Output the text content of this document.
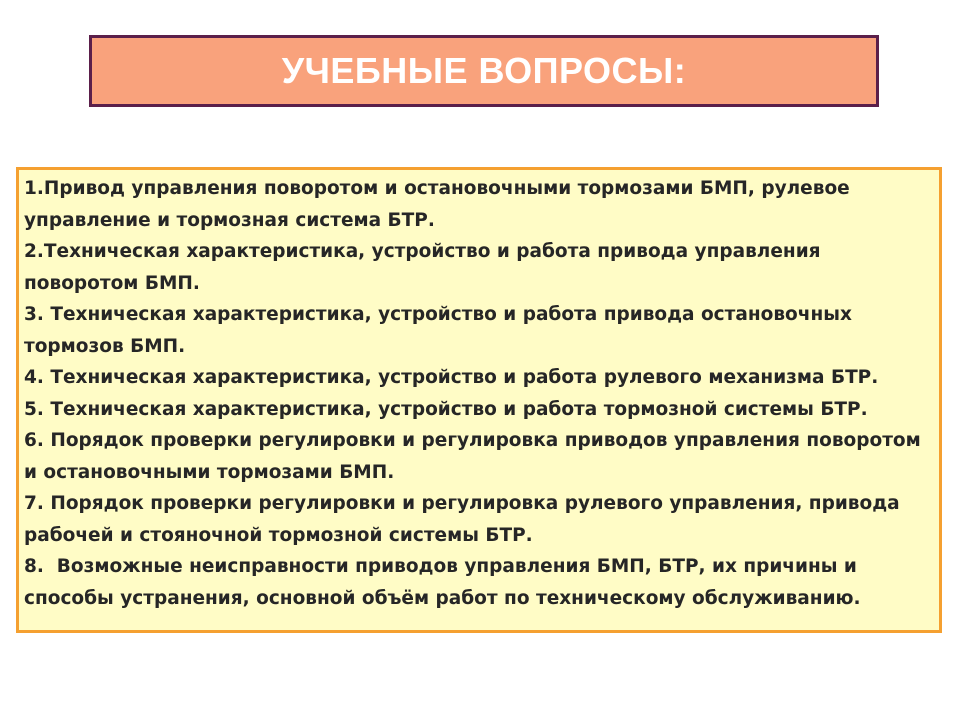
УЧЕБНЫЕ ВОПРОСЫ:
1.Привод управления поворотом и остановочными тормозами БМП, рулевое управление и тормозная система БТР.
2.Техническая характеристика, устройство и работа привода управления поворотом БМП.
3. Техническая характеристика, устройство и работа привода остановочных тормозов БМП.
4. Техническая характеристика, устройство и работа рулевого механизма БТР.
5. Техническая характеристика, устройство и работа тормозной системы БТР.
6. Порядок проверки регулировки и регулировка приводов управления поворотом и остановочными тормозами БМП.
7. Порядок проверки регулировки и регулировка рулевого управления, привода рабочей и стояночной тормозной системы БТР.
8.  Возможные неисправности приводов управления БМП, БТР, их причины и способы устранения, основной объём работ по техническому обслуживанию.
